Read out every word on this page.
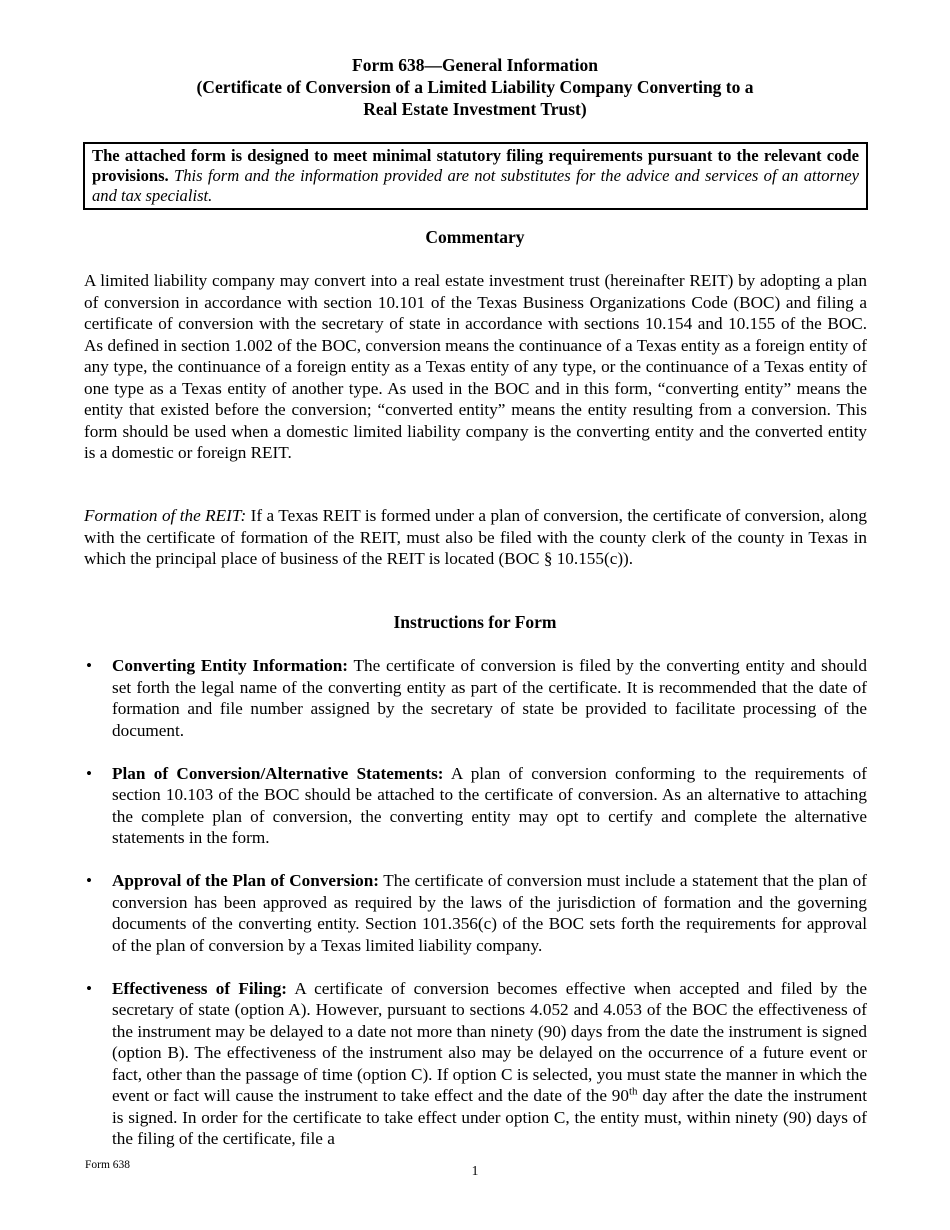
Form 638—General Information
(Certificate of Conversion of a Limited Liability Company Converting to a
Real Estate Investment Trust)
The attached form is designed to meet minimal statutory filing requirements pursuant to the relevant code provisions. This form and the information provided are not substitutes for the advice and services of an attorney and tax specialist.
Commentary

A limited liability company may convert into a real estate investment trust (hereinafter REIT) by adopting a plan of conversion in accordance with section 10.101 of the Texas Business Organizations Code (BOC) and filing a certificate of conversion with the secretary of state in accordance with sections 10.154 and 10.155 of the BOC. As defined in section 1.002 of the BOC, conversion means the continuance of a Texas entity as a foreign entity of any type, the continuance of a foreign entity as a Texas entity of any type, or the continuance of a Texas entity of one type as a Texas entity of another type. As used in the BOC and in this form, “converting entity” means the entity that existed before the conversion; “converted entity” means the entity resulting from a conversion. This form should be used when a domestic limited liability company is the converting entity and the converted entity is a domestic or foreign REIT.

Formation of the REIT: If a Texas REIT is formed under a plan of conversion, the certificate of conversion, along with the certificate of formation of the REIT, must also be filed with the county clerk of the county in Texas in which the principal place of business of the REIT is located (BOC § 10.155(c)).

Instructions for Form
• Converting Entity Information: The certificate of conversion is filed by the converting entity and should set forth the legal name of the converting entity as part of the certificate. It is recommended that the date of formation and file number assigned by the secretary of state be provided to facilitate processing of the document.
• Plan of Conversion/Alternative Statements: A plan of conversion conforming to the requirements of section 10.103 of the BOC should be attached to the certificate of conversion. As an alternative to attaching the complete plan of conversion, the converting entity may opt to certify and complete the alternative statements in the form.
• Approval of the Plan of Conversion: The certificate of conversion must include a statement that the plan of conversion has been approved as required by the laws of the jurisdiction of formation and the governing documents of the converting entity. Section 101.356(c) of the BOC sets forth the requirements for approval of the plan of conversion by a Texas limited liability company.
• Effectiveness of Filing: A certificate of conversion becomes effective when accepted and filed by the secretary of state (option A). However, pursuant to sections 4.052 and 4.053 of the BOC the effectiveness of the instrument may be delayed to a date not more than ninety (90) days from the date the instrument is signed (option B). The effectiveness of the instrument also may be delayed on the occurrence of a future event or fact, other than the passage of time (option C). If option C is selected, you must state the manner in which the event or fact will cause the instrument to take effect and the date of the 90th day after the date the instrument is signed. In order for the certificate to take effect under option C, the entity must, within ninety (90) days of the filing of the certificate, file a
Form 638	1
